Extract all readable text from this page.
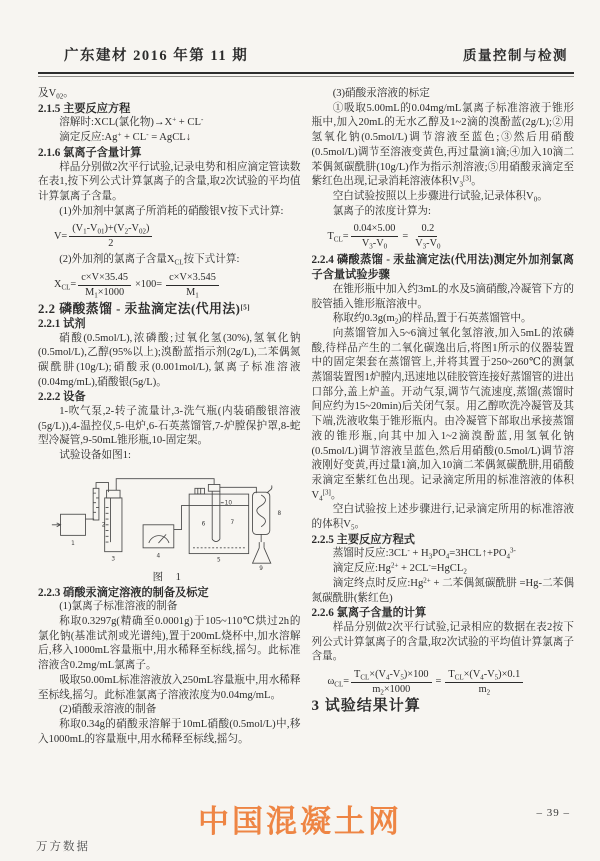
广东建材 2016 年第 11 期	质量控制与检测

及$V_{02}$。

2.1.5 主要反应方程

溶解时:XCL(氯化物)→X+ + CL-

滴定反应:Ag+ + CL- = AgCL↓

2.1.6 氯离子含量计算

样品分别做2次平行试验,记录电势和相应滴定管读数在表1,按下列公式计算氯离子的含量,取2次试验的平均值计算氯离子含量。

(1)外加剂中氯离子所消耗的硝酸银V按下式计算:

$V= \frac{(V_1-V_{01})+(V_2-V_{02})}{2}$

(2)外加剂的氯离子含量$X_{CL}$按下式计算:

$X_{CL}= \frac{c\times V\times 35.45}{M_1\times 1000} \times 100= \frac{c\times V\times 3.545}{M_1}$

2.2 磷酸蒸馏 - 汞盐滴定法(代用法)[5]

2.2.1 试剂

硝酸(0.5mol/L),浓磷酸;过氧化氢(30%),氢氧化钠(0.5mol/L),乙醇(95%以上);溴酚蓝指示剂(2g/L),二苯偶氮碳酰肼(10g/L);硝酸汞(0.001mol/L),氯离子标准溶液(0.04mg/mL),硝酸银(5g/L)。

2.2.2 设备

1-吹气泵,2-转子流量计,3-洗气瓶(内装硝酸银溶液(5g/L)),4-温控仪,5-电炉,6-石英蒸馏管,7-炉膛保护罩,8-蛇型冷凝管,9-50mL锥形瓶,10-固定架。

试验设备如图1:

1
2
3	4
5
6	7
8
9
10

图 1

2.2.3 硝酸汞滴定溶液的制备及标定

(1)氯离子标准溶液的制备

称取0.3297g(精确至0.0001g)于105~110℃烘过2h的氯化钠(基准试剂或光谱纯),置于200mL烧杯中,加水溶解后,移入1000mL容量瓶中,用水稀释至标线,摇匀。此标准溶液含0.2mg/mL氯离子。

吸取50.00mL标准溶液放入250mL容量瓶中,用水稀释至标线,摇匀。此标准氯离子溶液浓度为0.04mg/mL。

(2)硝酸汞溶液的制备

称取0.34g的硝酸汞溶解于10mL硝酸(0.5mol/L)中,移入1000mL的容量瓶中,用水稀释至标线,摇匀。

(3)硝酸汞溶液的标定

①吸取5.00mL的0.04mg/mL氯离子标准溶液于锥形瓶中,加入20mL的无水乙醇及1~2滴的溴酚蓝(2g/L);②用氢氧化钠(0.5mol/L)调节溶液至蓝色;③然后用硝酸(0.5mol/L)调节至溶液变黄色,再过量滴1滴;④加入10滴二苯偶氮碳酰肼(10g/L)作为指示剂溶液;⑤用硝酸汞滴定至紫红色出现,记录消耗溶液体积$V_3[3]$。

空白试验按照以上步骤进行试验,记录体积$V_0$。

氯离子的浓度计算为:

$T_{CL}= \frac{0.04\times 5.00}{V_3-V_0} = \frac{0.2}{V_3-V_0}$

2.2.4 磷酸蒸馏 - 汞盐滴定法(代用法)测定外加剂氯离子含量试验步骤

在锥形瓶中加入约3mL的水及5滴硝酸,冷凝管下方的胶管插入锥形瓶溶液中。

称取约$0.3g(m_2)$的样品,置于石英蒸馏管中。

向蒸馏管加入5~6滴过氧化氢溶液,加入5mL的浓磷酸,待样品产生的二氧化碳逸出后,将图1所示的仪器装置中的固定架套在蒸馏管上,并将其置于250~260℃的测氯蒸馏装置图1炉膛内,迅速地以硅胶管连接好蒸馏管的进出口部分,盖上炉盖。开动气泵,调节气流速度,蒸馏(蒸馏时间应约为15~20min)后关闭气泵。用乙醇吹洗冷凝管及其下端,洗液收集于锥形瓶内。由冷凝管下部取出承接蒸馏液的锥形瓶,向其中加入1~2滴溴酚蓝,用氢氧化钠(0.5mol/L)调节溶液呈蓝色,然后用硝酸(0.5mol/L)调节溶液刚好变黄,再过量1滴,加入10滴二苯偶氮碳酰肼,用硝酸汞滴定至紫红色出现。记录滴定所用的标准溶液的体积$V_4[3]$。

空白试验按上述步骤进行,记录滴定所用的标准溶液的体积$V_5$。

2.2.5 主要反应方程式

蒸馏时反应:3CL- + $H_3PO_4=3HCL↑+PO_4^{3-}$

滴定反应$:Hg^{2+}$ + 2CL-=HgCL$_2$

滴定终点时反应$:Hg^{2+}$ + 二苯偶氮碳酰肼 =Hg-二苯偶氮碳酰肼(紫红色)

2.2.6 氯离子含量的计算

样品分别做2次平行试验,记录相应的数据在表2按下列公式计算氯离子的含量,取2次试验的平均值计算氯离子含量。

$\omega_{CL}= \frac{T_{CL}\times(V_4-V_5)\times 100}{m_2\times 1000} = \frac{T_{CL}\times(V_4-V_5)\times 0.1}{m_2}$

3 试验结果计算

中国混凝土网	– 39 –
万方数据
